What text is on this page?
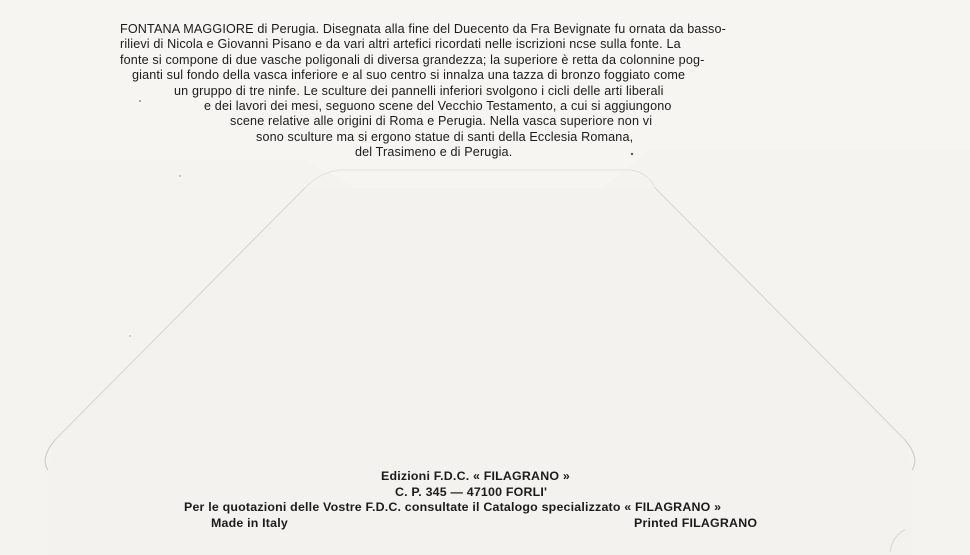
FONTANA MAGGIORE di Perugia. Disegnata alla fine del Duecento da Fra Bevignate fu ornata da basso-
rilievi di Nicola e Giovanni Pisano e da vari altri artefici ricordati nelle iscrizioni ncse sulla fonte. La
fonte si compone di due vasche poligonali di diversa grandezza; la superiore è retta da colonnine pog-
gianti sul fondo della vasca inferiore e al suo centro si innalza una tazza di bronzo foggiato come
un gruppo di tre ninfe. Le sculture dei pannelli inferiori svolgono i cicli delle arti liberali
e dei lavori dei mesi, seguono scene del Vecchio Testamento, a cui si aggiungono
scene relative alle origini di Roma e Perugia. Nella vasca superiore non vi
sono sculture ma si ergono statue di santi della Ecclesia Romana,
del Trasimeno e di Perugia.
Edizioni F.D.C. « FILAGRANO »
C. P. 345 — 47100 FORLI'
Per le quotazioni delle Vostre F.D.C. consultate il Catalogo specializzato « FILAGRANO »
Made in Italy	Printed FILAGRANO
